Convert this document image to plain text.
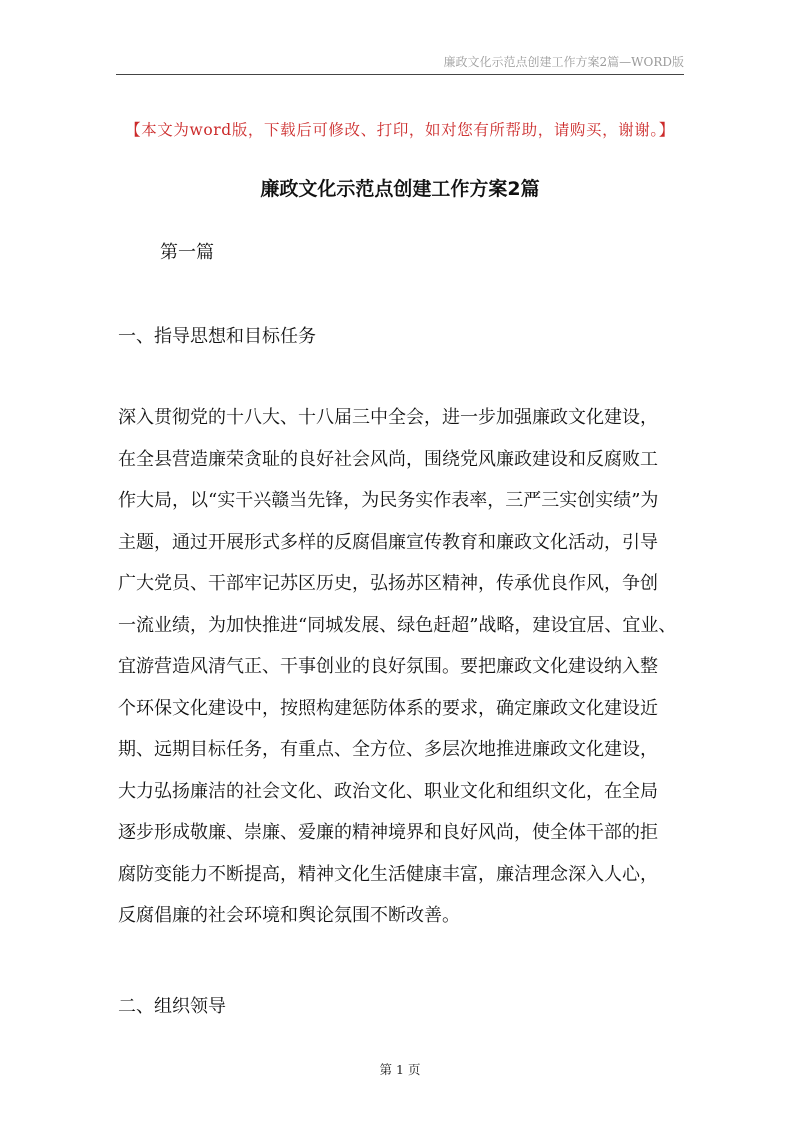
廉政文化示范点创建工作方案2篇—WORD版
【本文为word版，下载后可修改、打印，如对您有所帮助，请购买，谢谢。】
廉政文化示范点创建工作方案2篇
第一篇
一、指导思想和目标任务
深入贯彻党的十八大、十八届三中全会，进一步加强廉政文化建设，
在全县营造廉荣贪耻的良好社会风尚，围绕党风廉政建设和反腐败工
作大局，以“实干兴赣当先锋，为民务实作表率，三严三实创实绩”为
主题，通过开展形式多样的反腐倡廉宣传教育和廉政文化活动，引导
广大党员、干部牢记苏区历史，弘扬苏区精神，传承优良作风，争创
一流业绩，为加快推进“同城发展、绿色赶超”战略，建设宜居、宜业、
宜游营造风清气正、干事创业的良好氛围。要把廉政文化建设纳入整
个环保文化建设中，按照构建惩防体系的要求，确定廉政文化建设近
期、远期目标任务，有重点、全方位、多层次地推进廉政文化建设，
大力弘扬廉洁的社会文化、政治文化、职业文化和组织文化，在全局
逐步形成敬廉、崇廉、爱廉的精神境界和良好风尚，使全体干部的拒
腐防变能力不断提高，精神文化生活健康丰富，廉洁理念深入人心，
反腐倡廉的社会环境和舆论氛围不断改善。
二、组织领导
第 1 页
